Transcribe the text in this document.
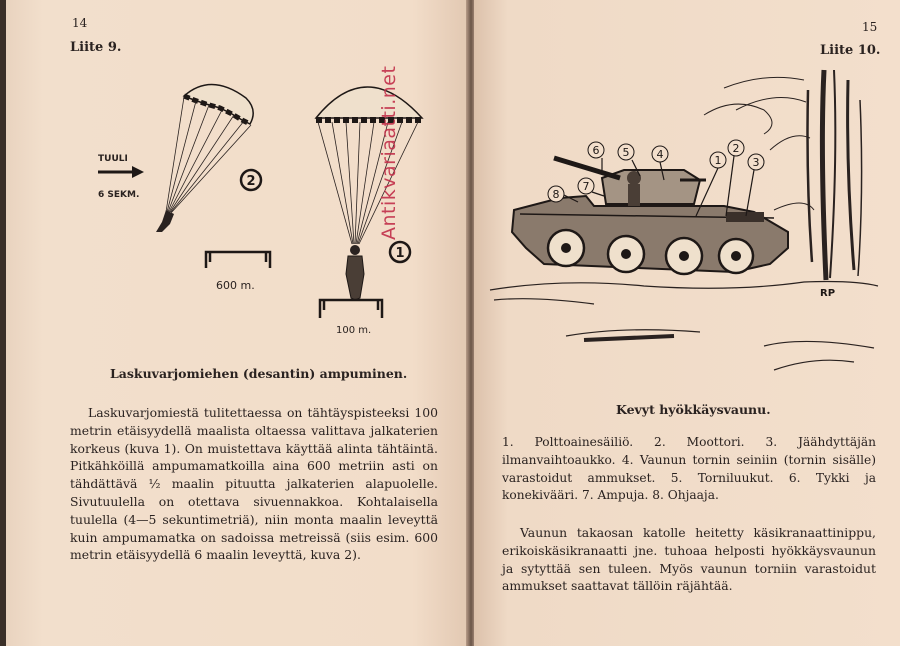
14
Liite 9.
TUULI
6 SEKM.
2
600 m.
1
100 m.
Laskuvarjomiehen (desantin) ampuminen.
Laskuvarjomiestä tulitettaessa on tähtäyspisteeksi 100 metrin etäisyydellä maalista oltaessa valittava jalkaterien korkeus (kuva 1). On muistettava käyttää alinta tähtäintä. Pitkähköillä ampumamatkoilla aina 600 metriin asti on tähdättävä ½ maalin pituutta jalkaterien alapuolelle. Sivutuulella on otettava sivuennakkoa. Kohtalaisella tuulella (4—5 sekuntimetriä), niin monta maalin leveyttä kuin ampumamatka on sadoissa metreissä (siis esim. 600 metrin etäisyydellä 6 maalin leveyttä, kuva 2).
15
Liite 10.
1
2
3
4
5
6
7
8
RP
Kevyt hyökkäysvaunu.
1. Polttoainesäiliö. 2. Moottori. 3. Jäähdyttäjän ilmanvaihtoaukko. 4. Vaunun tornin seiniin (tornin sisälle) varastoidut ammukset. 5. Torniluukut. 6. Tykki ja konekivääri. 7. Ampuja. 8. Ohjaaja.
Vaunun takaosan katolle heitetty käsikranaattinippu, erikoiskäsikranaatti jne. tuhoaa helposti hyökkäysvaunun ja sytyttää sen tuleen. Myös vaunun torniin varastoidut ammukset saattavat tällöin räjähtää.
Antikvariaatti.net
